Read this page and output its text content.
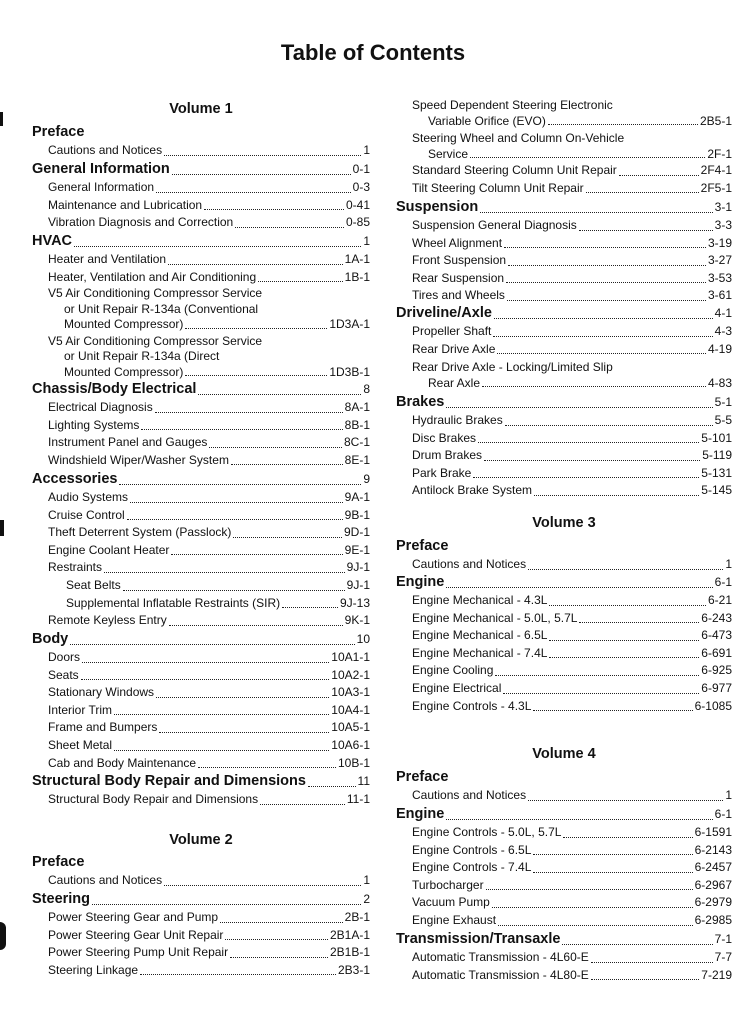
Table of Contents
Volume 1
Preface
Cautions and Notices	1
General Information	0-1
General Information	0-3
Maintenance and Lubrication	0-41
Vibration Diagnosis and Correction	0-85
HVAC	1
Heater and Ventilation	1A-1
Heater, Ventilation and Air Conditioning	1B-1
V5 Air Conditioning Compressor Service
or Unit Repair R-134a (Conventional
Mounted Compressor)	1D3A-1
V5 Air Conditioning Compressor Service
or Unit Repair R-134a (Direct
Mounted Compressor)	1D3B-1
Chassis/Body Electrical	8
Electrical Diagnosis	8A-1
Lighting Systems	8B-1
Instrument Panel and Gauges	8C-1
Windshield Wiper/Washer System	8E-1
Accessories	9
Audio Systems	9A-1
Cruise Control	9B-1
Theft Deterrent System (Passlock)	9D-1
Engine Coolant Heater	9E-1
Restraints	9J-1
Seat Belts	9J-1
Supplemental Inflatable Restraints (SIR)	9J-13
Remote Keyless Entry	9K-1
Body	10
Doors	10A1-1
Seats	10A2-1
Stationary Windows	10A3-1
Interior Trim	10A4-1
Frame and Bumpers	10A5-1
Sheet Metal	10A6-1
Cab and Body Maintenance	10B-1
Structural Body Repair and Dimensions	11
Structural Body Repair and Dimensions	11-1
Volume 2
Preface
Cautions and Notices	1
Steering	2
Power Steering Gear and Pump	2B-1
Power Steering Gear Unit Repair	2B1A-1
Power Steering Pump Unit Repair	2B1B-1
Steering Linkage	2B3-1
Speed Dependent Steering Electronic
Variable Orifice (EVO)	2B5-1
Steering Wheel and Column On-Vehicle
Service	2F-1
Standard Steering Column Unit Repair	2F4-1
Tilt Steering Column Unit Repair	2F5-1
Suspension	3-1
Suspension General Diagnosis	3-3
Wheel Alignment	3-19
Front Suspension	3-27
Rear Suspension	3-53
Tires and Wheels	3-61
Driveline/Axle	4-1
Propeller Shaft	4-3
Rear Drive Axle	4-19
Rear Drive Axle - Locking/Limited Slip
Rear Axle	4-83
Brakes	5-1
Hydraulic Brakes	5-5
Disc Brakes	5-101
Drum Brakes	5-119
Park Brake	5-131
Antilock Brake System	5-145
Volume 3
Preface
Cautions and Notices	1
Engine	6-1
Engine Mechanical - 4.3L	6-21
Engine Mechanical - 5.0L, 5.7L	6-243
Engine Mechanical - 6.5L	6-473
Engine Mechanical - 7.4L	6-691
Engine Cooling	6-925
Engine Electrical	6-977
Engine Controls - 4.3L	6-1085
Volume 4
Preface
Cautions and Notices	1
Engine	6-1
Engine Controls - 5.0L, 5.7L	6-1591
Engine Controls - 6.5L	6-2143
Engine Controls - 7.4L	6-2457
Turbocharger	6-2967
Vacuum Pump	6-2979
Engine Exhaust	6-2985
Transmission/Transaxle	7-1
Automatic Transmission - 4L60-E	7-7
Automatic Transmission - 4L80-E	7-219
